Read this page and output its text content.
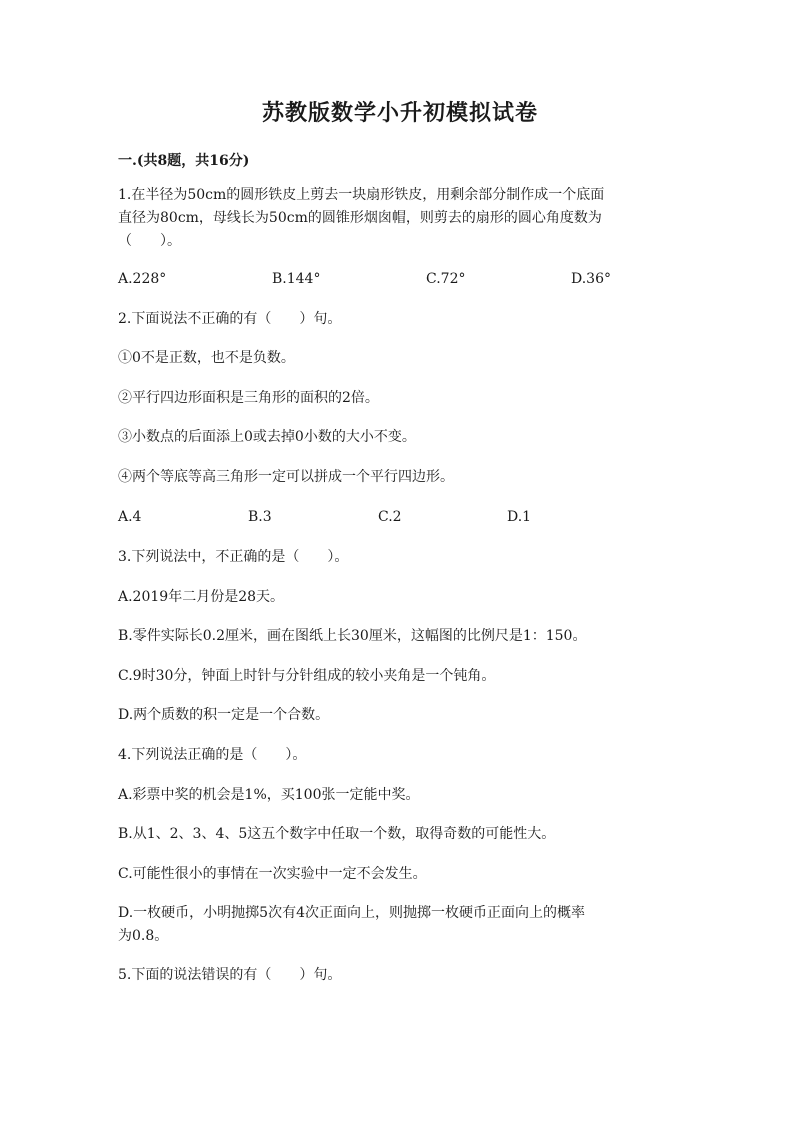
苏教版数学小升初模拟试卷
一.(共8题，共16分)
1.在半径为50cm的圆形铁皮上剪去一块扇形铁皮，用剩余部分制作成一个底面
直径为80cm，母线长为50cm的圆锥形烟囱帽，则剪去的扇形的圆心角度数为
（　　）。
A.228°	B.144°	C.72°	D.36°
2.下面说法不正确的有（　　）句。
①0不是正数，也不是负数。
②平行四边形面积是三角形的面积的2倍。
③小数点的后面添上0或去掉0小数的大小不变。
④两个等底等高三角形一定可以拼成一个平行四边形。
A.4	B.3	C.2	D.1
3.下列说法中，不正确的是（　　）。
A.2019年二月份是28天。
B.零件实际长0.2厘米，画在图纸上长30厘米，这幅图的比例尺是1：150。
C.9时30分，钟面上时针与分针组成的较小夹角是一个钝角。
D.两个质数的积一定是一个合数。
4.下列说法正确的是（　　）。
A.彩票中奖的机会是1%，买100张一定能中奖。
B.从1、2、3、4、5这五个数字中任取一个数，取得奇数的可能性大。
C.可能性很小的事情在一次实验中一定不会发生。
D.一枚硬币，小明抛掷5次有4次正面向上，则抛掷一枚硬币正面向上的概率
为0.8。
5.下面的说法错误的有（　　）句。
